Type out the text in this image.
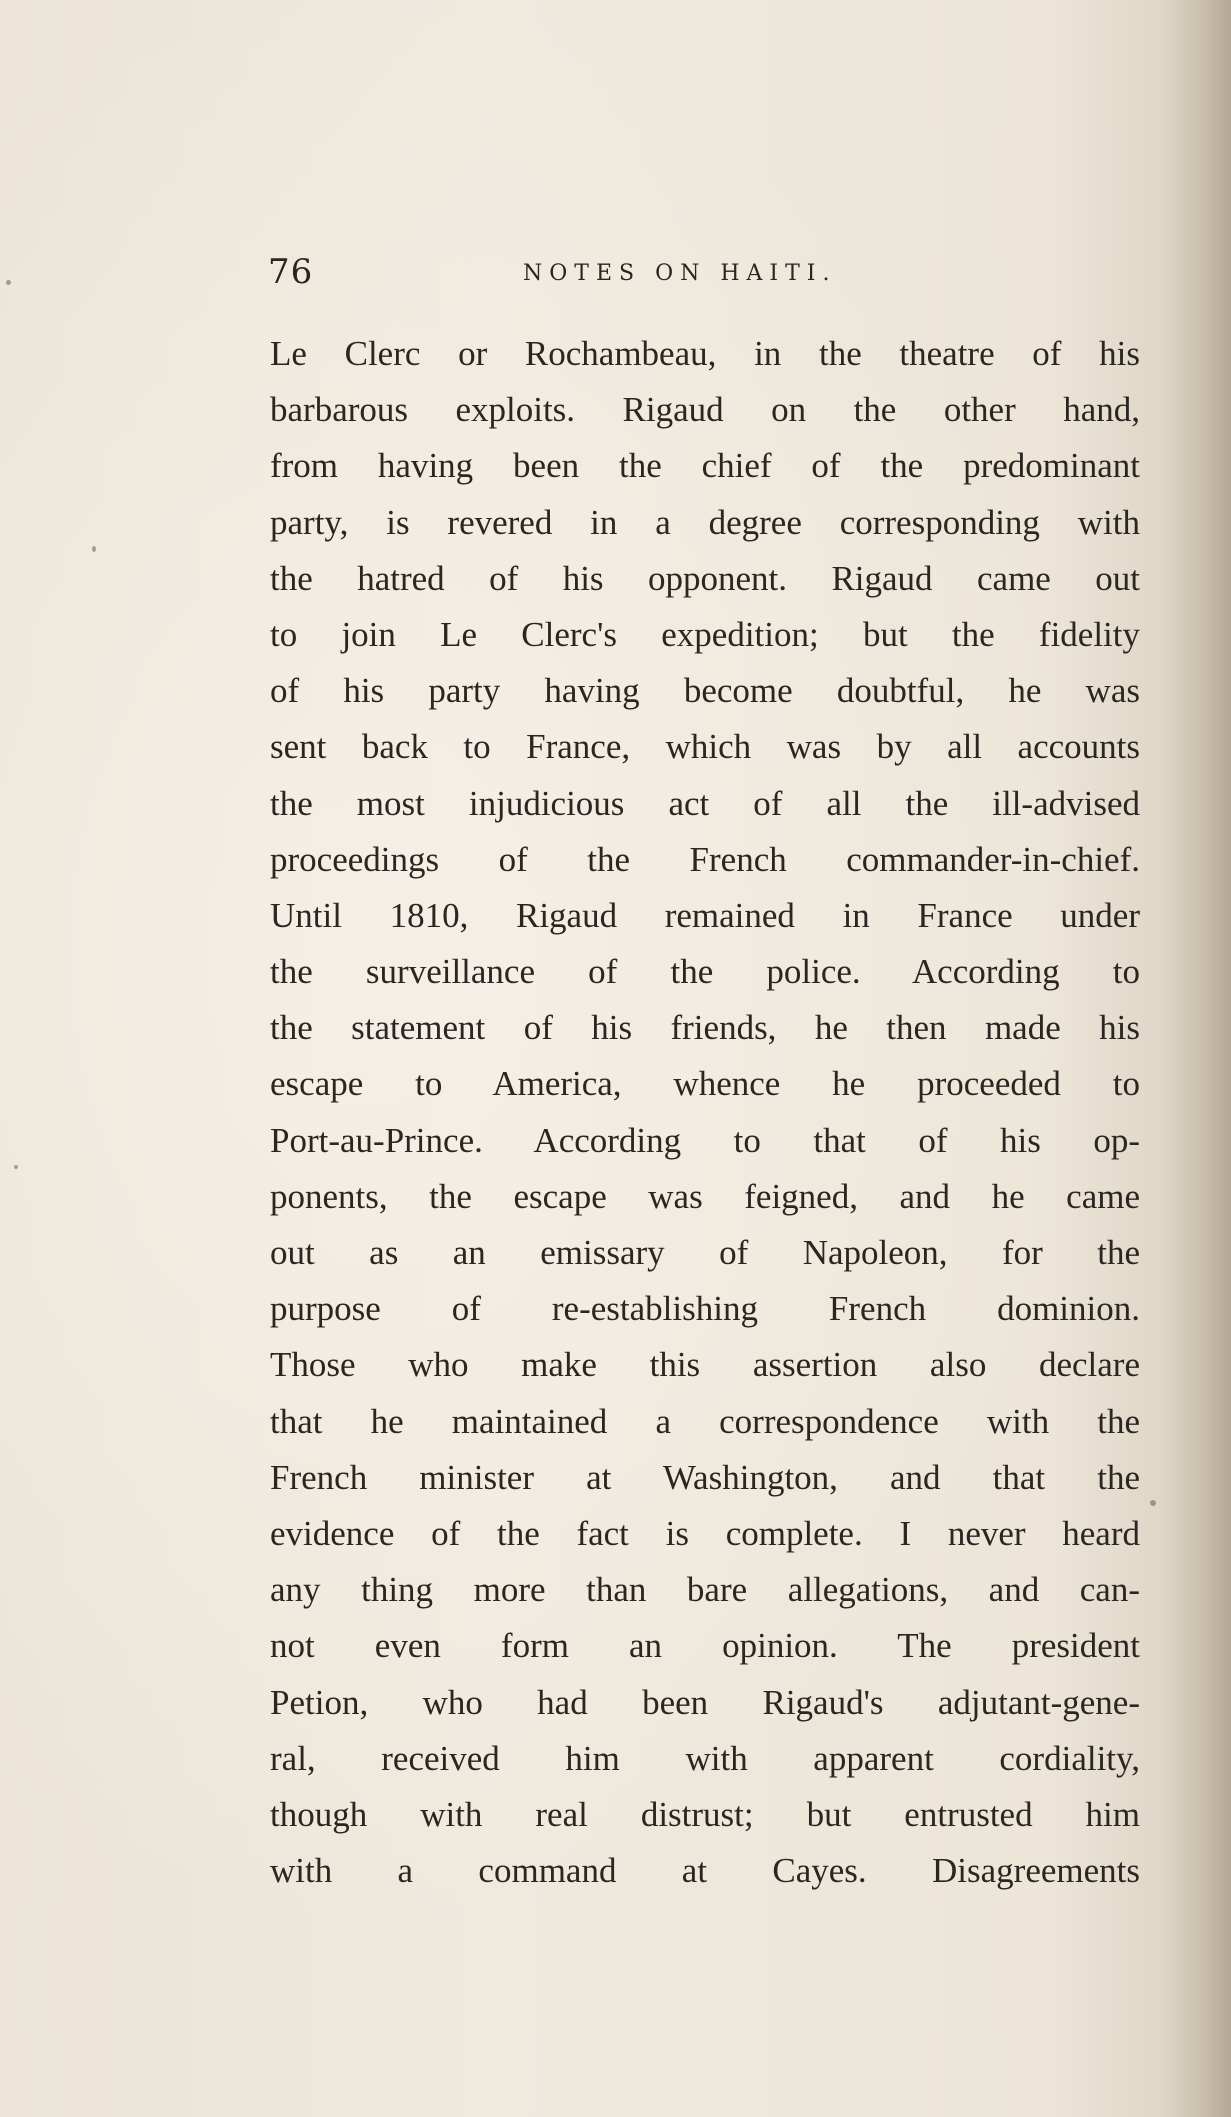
76	NOTES ON HAITI.
Le Clerc or Rochambeau, in the theatre of his
barbarous exploits. Rigaud on the other hand,
from having been the chief of the predominant
party, is revered in a degree corresponding with
the hatred of his opponent. Rigaud came out
to join Le Clerc's expedition; but the fidelity
of his party having become doubtful, he was
sent back to France, which was by all accounts
the most injudicious act of all the ill-advised
proceedings of the French commander-in-chief.
Until 1810, Rigaud remained in France under
the surveillance of the police. According to
the statement of his friends, he then made his
escape to America, whence he proceeded to
Port-au-Prince. According to that of his op-
ponents, the escape was feigned, and he came
out as an emissary of Napoleon, for the
purpose of re-establishing French dominion.
Those who make this assertion also declare
that he maintained a correspondence with the
French minister at Washington, and that the
evidence of the fact is complete. I never heard
any thing more than bare allegations, and can-
not even form an opinion. The president
Petion, who had been Rigaud's adjutant-gene-
ral, received him with apparent cordiality,
though with real distrust; but entrusted him
with a command at Cayes. Disagreements
